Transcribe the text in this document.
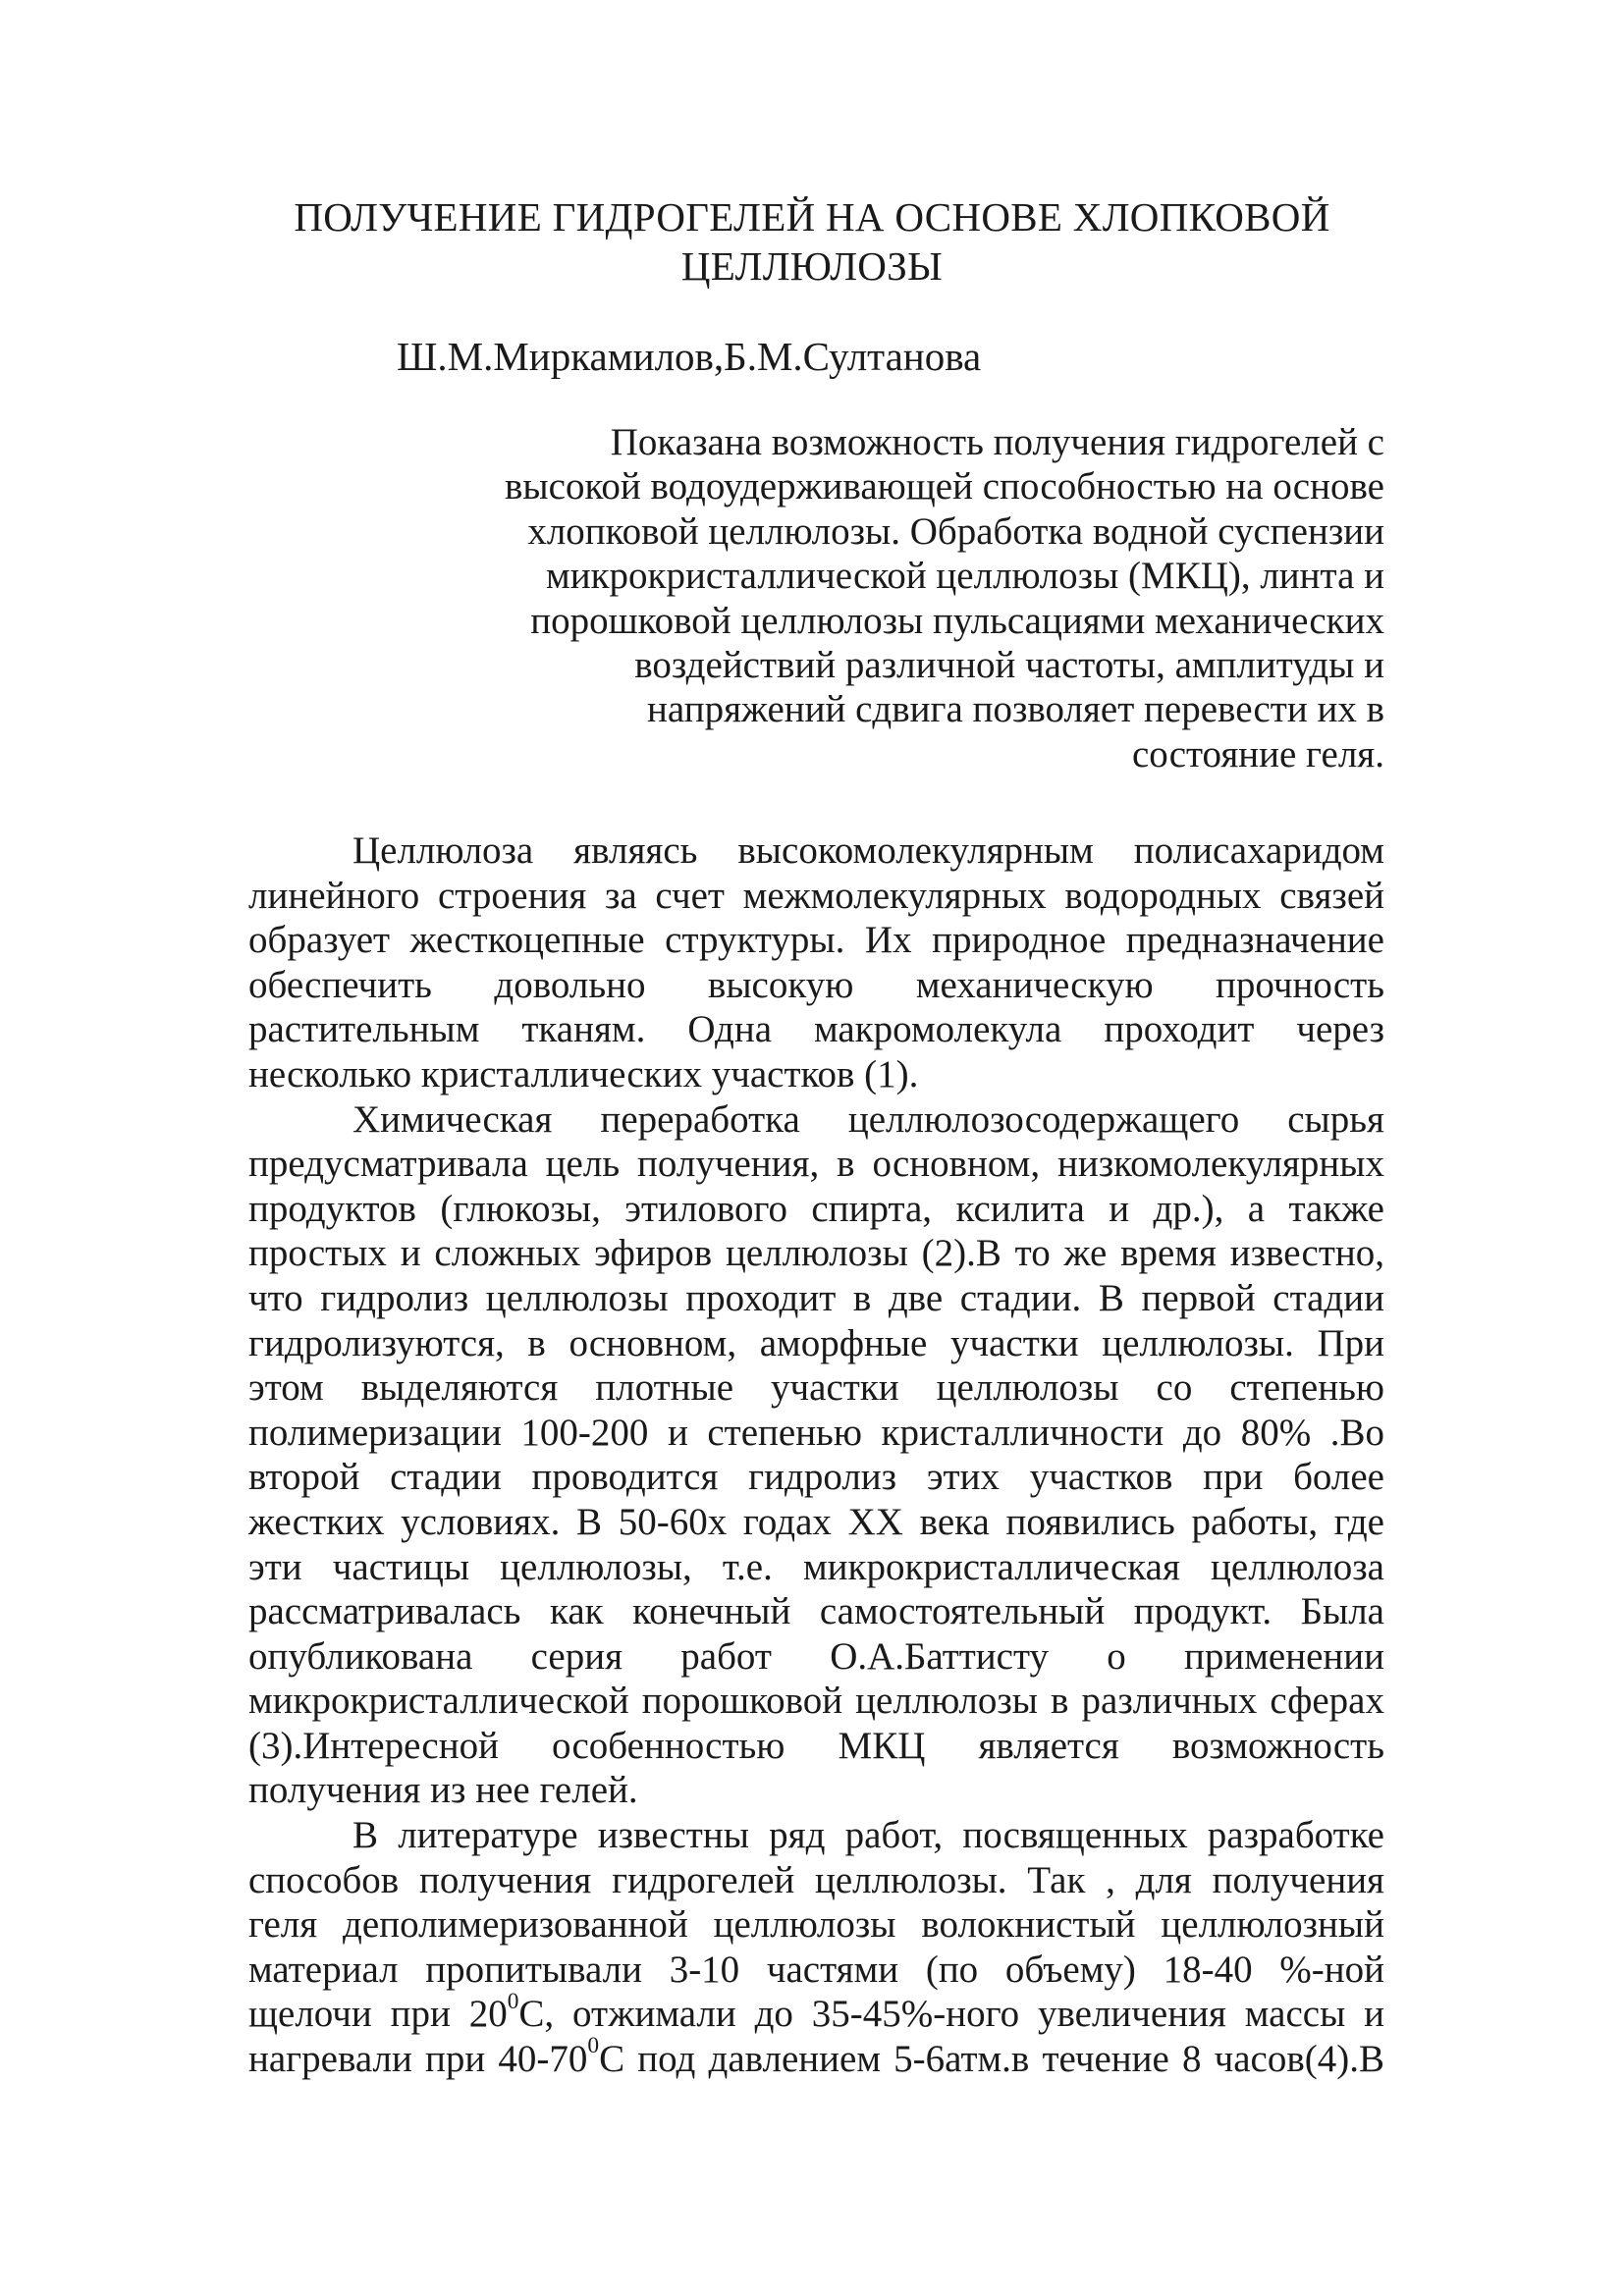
ПОЛУЧЕНИЕ ГИДРОГЕЛЕЙ НА ОСНОВЕ ХЛОПКОВОЙ
ЦЕЛЛЮЛОЗЫ

Ш.М.Миркамилов,Б.М.Султанова

Показана возможность получения гидрогелей с
высокой водоудерживающей способностью на основе
хлопковой целлюлозы. Обработка водной суспензии
микрокристаллической целлюлозы (МКЦ), линта и
порошковой целлюлозы пульсациями механических
воздействий различной частоты, амплитуды и
напряжений сдвига позволяет перевести их в
состояние геля.

Целлюлоза являясь высокомолекулярным полисахаридом
линейного строения за счет межмолекулярных водородных связей
образует жесткоцепные структуры. Их природное предназначение
обеспечить довольно высокую механическую прочность
растительным тканям. Одна макромолекула проходит через
несколько кристаллических участков (1).
Химическая переработка целлюлозосодержащего сырья
предусматривала цель получения, в основном, низкомолекулярных
продуктов (глюкозы, этилового спирта, ксилита и др.), а также
простых и сложных эфиров целлюлозы (2).В то же время известно,
что гидролиз целлюлозы проходит в две стадии. В первой стадии
гидролизуются, в основном, аморфные участки целлюлозы. При
этом выделяются плотные участки целлюлозы со степенью
полимеризации 100-200 и степенью кристалличности до 80% .Во
второй стадии проводится гидролиз этих участков при более
жестких условиях. В 50-60х годах XX века появились работы, где
эти частицы целлюлозы, т.е. микрокристаллическая целлюлоза
рассматривалась как конечный самостоятельный продукт. Была
опубликована серия работ О.А.Баттисту о применении
микрокристаллической порошковой целлюлозы в различных сферах
(3).Интересной особенностью МКЦ является возможность
получения из нее гелей.
В литературе известны ряд работ, посвященных разработке
способов получения гидрогелей целлюлозы. Так , для получения
геля деполимеризованной целлюлозы волокнистый целлюлозный
материал пропитывали 3-10 частями (по объему) 18-40 %-ной
щелочи при $20^0С$, отжимали до 35-45%-ного увеличения массы и
нагревали при $40-70^0С$ под давлением 5-6атм.в течение 8 часов(4).В
